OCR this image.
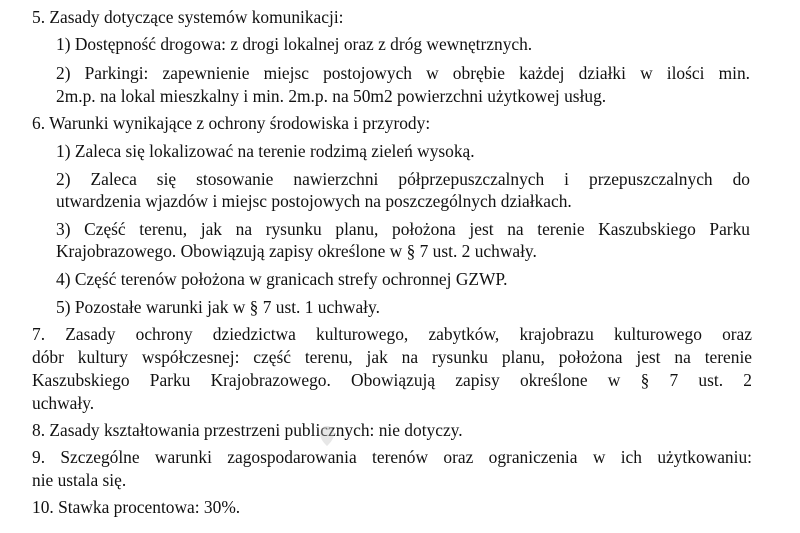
5. Zasady dotyczące systemów komunikacji:
1) Dostępność drogowa: z drogi lokalnej oraz z dróg wewnętrznych.
2) Parkingi: zapewnienie miejsc postojowych w obrębie każdej działki w ilości min.
2m.p. na lokal mieszkalny i min. 2m.p. na 50m2 powierzchni użytkowej usług.
6. Warunki wynikające z ochrony środowiska i przyrody:
1) Zaleca się lokalizować na terenie rodzimą zieleń wysoką.
2) Zaleca się stosowanie nawierzchni półprzepuszczalnych i przepuszczalnych do
utwardzenia wjazdów i miejsc postojowych na poszczególnych działkach.
3) Część terenu, jak na rysunku planu, położona jest na terenie Kaszubskiego Parku
Krajobrazowego. Obowiązują zapisy określone w § 7 ust. 2 uchwały.
4) Część terenów położona w granicach strefy ochronnej GZWP.
5) Pozostałe warunki jak w § 7 ust. 1 uchwały.
7. Zasady ochrony dziedzictwa kulturowego, zabytków, krajobrazu kulturowego oraz
dóbr kultury współczesnej: część terenu, jak na rysunku planu, położona jest na terenie
Kaszubskiego Parku Krajobrazowego. Obowiązują zapisy określone w § 7 ust. 2
uchwały.
8. Zasady kształtowania przestrzeni publicznych: nie dotyczy.
9. Szczególne warunki zagospodarowania terenów oraz ograniczenia w ich użytkowaniu:
nie ustala się.
10. Stawka procentowa: 30%.
